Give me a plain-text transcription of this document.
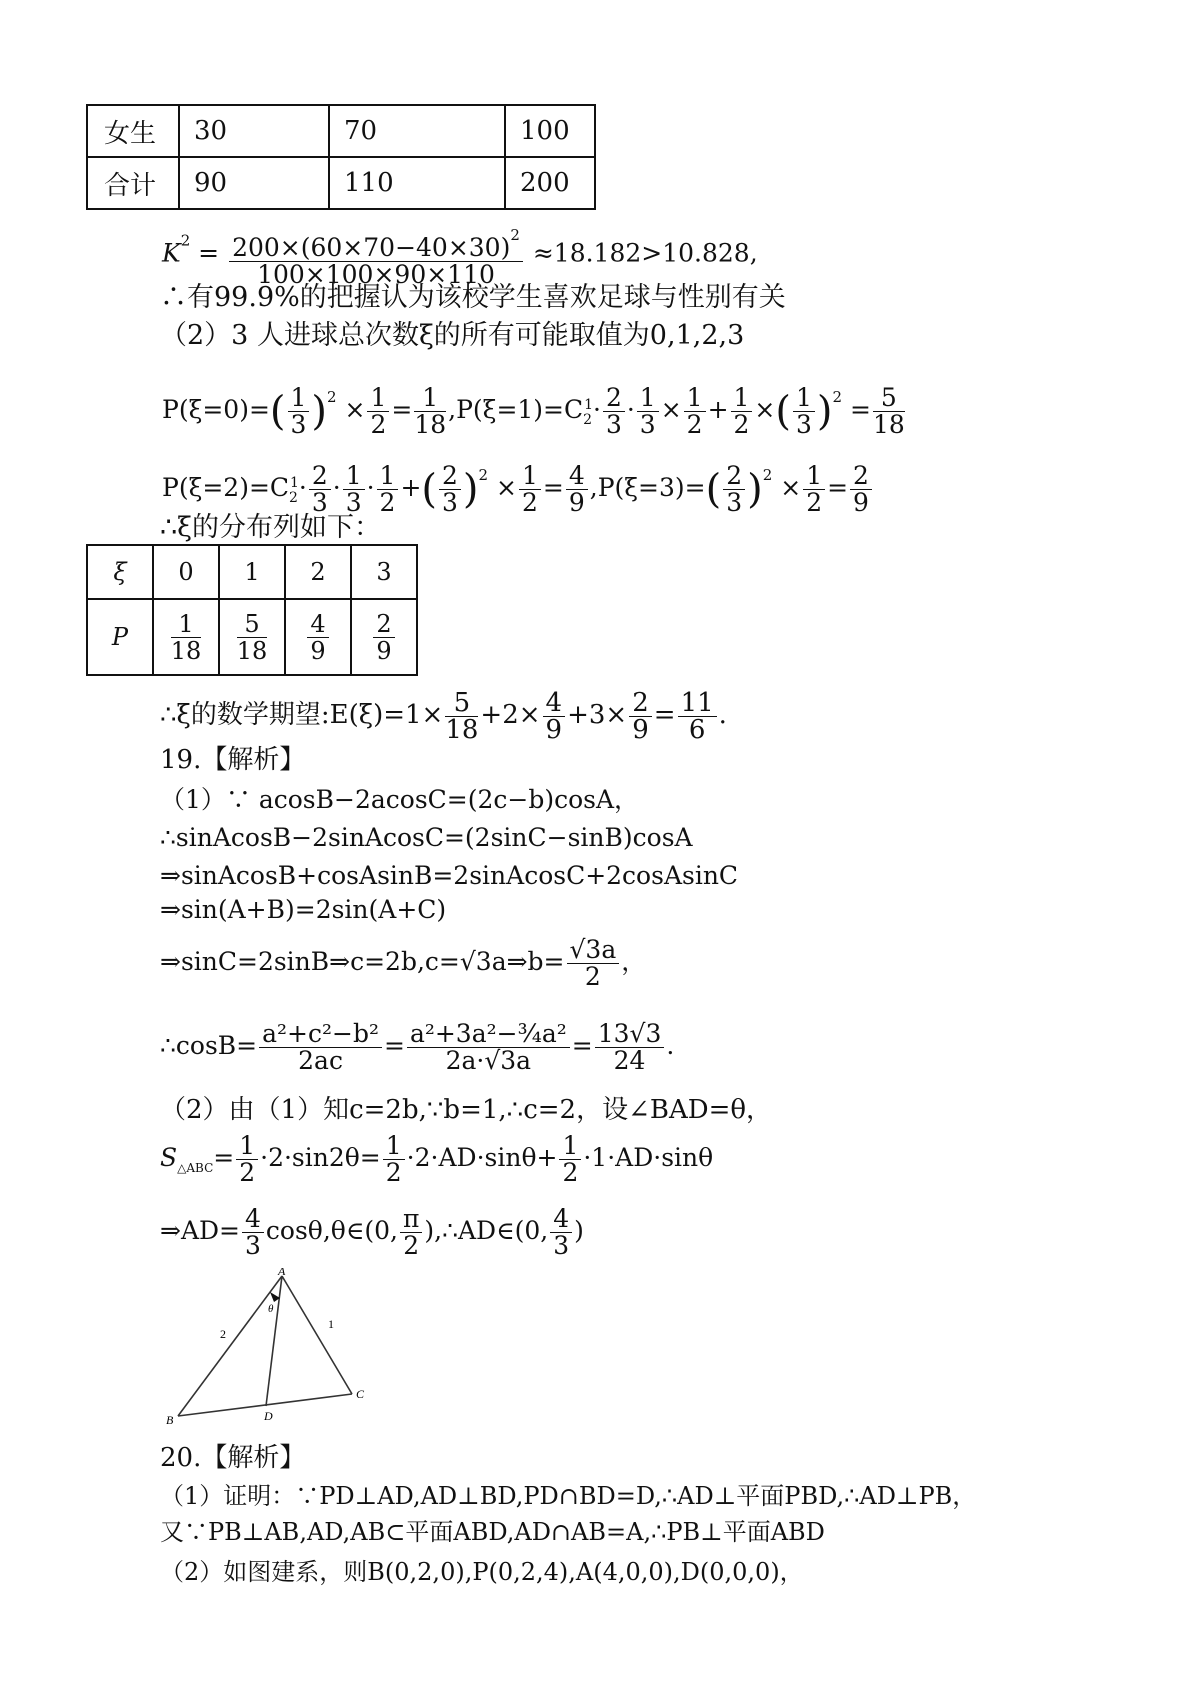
女生	30	70	100
合计	90	110	200
$K^2 = \frac{200\times(60\times 70-40\times 30)^2}{100\times 100\times 90\times 110} \approx 18.182>10.828$,
∴有99.9%的把握认为该校学生喜欢足球与性别有关
（2）3 人进球总次数ξ的所有可能取值为0,1,2,3
$P(\xi=0)=( \frac{1}{3} )^2 \times \frac{1}{2} = \frac{1}{18} ,P(\xi=1)=C_2^1\cdot \frac{2}{3} \cdot \frac{1}{3} \times \frac{1}{2} + \frac{1}{2}$ ×( $\frac{1}{3} )^2 = \frac{5}{18}$
$P(\xi=2)=C_2^1\cdot \frac{2}{3} \cdot \frac{1}{3} \cdot \frac{1}{2}$ +( $\frac{2}{3} )^2 \times \frac{1}{2} = \frac{4}{9} ,P(\xi=3)=( \frac{2}{3} )^2 \times \frac{1}{2} = \frac{2}{9}$
∴ξ的分布列如下：
ξ	0	1	2	3
P	$\frac{1}{18}$	$\frac{5}{18}$	$\frac{4}{9}$	$\frac{2}{9}$
∴ξ的数学期望:E(ξ)=1× $\frac{5}{18} +2\times \frac{4}{9} +3\times \frac{2}{9} = \frac{11}{6}$ .
19.【解析】
（1）∵ acosB−2acosC=(2c−b)cosA，
∴sinAcosB−2sinAcosC=(2sinC−sinB)cosA
⇒sinAcosB+cosAsinB=2sinAcosC+2cosAsinC
⇒sin(A+B)=2sin(A+C)
⇒sinC=2sinB⇒c=2b,c=√3a⇒b= $\frac{√3a}{2}$ ，
∴cosB= $\frac{\text{a²+c²−b²}}{2ac} = \frac{\text{a²+3a²−¾a²}}{2a\cdot√3a} = \frac{13√3}{24}$ .
（2）由（1）知c=2b,∵b=1,∴c=2，设∠BAD=θ，
$S_{\triangle ABC}= \frac{1}{2} \cdot 2\cdot\sin 2\theta= \frac{1}{2} \cdot 2\cdot AD\cdot\sin\theta+ \frac{1}{2} \cdot 1\cdot AD\cdot\sin\theta$
⇒AD= $\frac{4}{3}$ cosθ,θ∈(0, $\frac{\pi}{2}$ ),∴AD∈(0, $\frac{4}{3}$ )
A
B
C
D
θ
2
1
20.【解析】
（1）证明：∵PD⊥AD,AD⊥BD,PD∩BD=D,∴AD⊥平面PBD,∴AD⊥PB，
又∵PB⊥AB,AD,AB⊂平面ABD,AD∩AB=A,∴PB⊥平面ABD
（2）如图建系，则B(0,2,0),P(0,2,4),A(4,0,0),D(0,0,0)，
